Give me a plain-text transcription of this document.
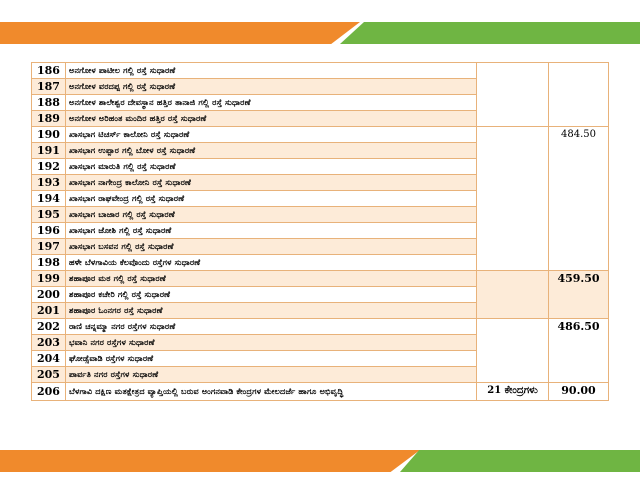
186	ಅನಗೋಳ ಪಾಟೀಲ ಗಲ್ಲಿ ರಸ್ತೆ ಸುಧಾರಣೆ		
187	ಅನಗೋಳ ವರದಪ್ಪ ಗಲ್ಲಿ ರಸ್ತೆ ಸುಧಾರಣೆ		
188	ಅನಗೋಳ ಶಾಲೇಶ್ವರ ದೇವಸ್ಥಾನ ಹತ್ತಿರ ತಾನಾಜಿ ಗಲ್ಲಿ ರಸ್ತೆ ಸುಧಾರಣೆ		
189	ಅನಗೋಳ ಅರಿಹಂತ ಮಂದಿರ ಹತ್ತಿರ ರಸ್ತೆ ಸುಧಾರಣೆ		
190	ಖಾಸಭಾಗ ಟಿಚರ್ಸ್ ಕಾಲೋನಿ ರಸ್ತೆ ಸುಧಾರಣೆ		484.50
191	ಖಾಸಭಾಗ ಉಪ್ಪಾರ ಗಲ್ಲಿ ಬೋಳ ರಸ್ತೆ ಸುಧಾರಣೆ		
192	ಖಾಸಭಾಗ ಮಾರುತಿ ಗಲ್ಲಿ ರಸ್ತೆ ಸುಧಾರಣೆ		
193	ಖಾಸಭಾಗ ನಾಗೇಂದ್ರ ಕಾಲೋನಿ ರಸ್ತೆ ಸುಧಾರಣೆ		
194	ಖಾಸಭಾಗ ರಾಘವೇಂದ್ರ ಗಲ್ಲಿ ರಸ್ತೆ ಸುಧಾರಣೆ		
195	ಖಾಸಭಾಗ ಬಾಜಾರ ಗಲ್ಲಿ ರಸ್ತೆ ಸುಧಾರಣೆ		
196	ಖಾಸಭಾಗ ಜೋಶಿ ಗಲ್ಲಿ ರಸ್ತೆ ಸುಧಾರಣೆ		
197	ಖಾಸಭಾಗ ಬಸವನ ಗಲ್ಲಿ ರಸ್ತೆ ಸುಧಾರಣೆ		
198	ಹಳೇ ಬೆಳಗಾವಿಯ ಕೆಲವೊಂದು ರಸ್ತೆಗಳ ಸುಧಾರಣೆ		
199	ಶಹಾಪೂರ ಮಠ ಗಲ್ಲಿ ರಸ್ತೆ ಸುಧಾರಣೆ		459.50
200	ಶಹಾಪೂರ ಕಚೇರಿ ಗಲ್ಲಿ ರಸ್ತೆ ಸುಧಾರಣೆ		
201	ಶಹಾಪೂರ ಓಂನಗರ ರಸ್ತೆ ಸುಧಾರಣೆ		
202	ರಾಣಿ ಚನ್ನಮ್ಮಾ ನಗರ ರಸ್ತೆಗಳ ಸುಧಾರಣೆ		486.50
203	ಭವಾನಿ ನಗರ ರಸ್ತೆಗಳ ಸುಧಾರಣೆ		
204	ಘೋಡ್ಸೆವಾಡಿ ರಸ್ತೆಗಳ ಸುಧಾರಣೆ		
205	ಪಾರ್ವತಿ ನಗರ ರಸ್ತೆಗಳ ಸುಧಾರಣೆ		
206	ಬೆಳಗಾವಿ ದಕ್ಷಿಣ ಮತಕ್ಷೇತ್ರದ ವ್ಯಾಪ್ತಿಯಲ್ಲಿ ಬರುವ ಅಂಗನವಾಡಿ ಕೇಂದ್ರಗಳ ಮೇಲದರ್ಜೆ ಹಾಗೂ ಅಭಿವೃದ್ಧಿ	21 ಕೇಂದ್ರಗಳು	90.00
